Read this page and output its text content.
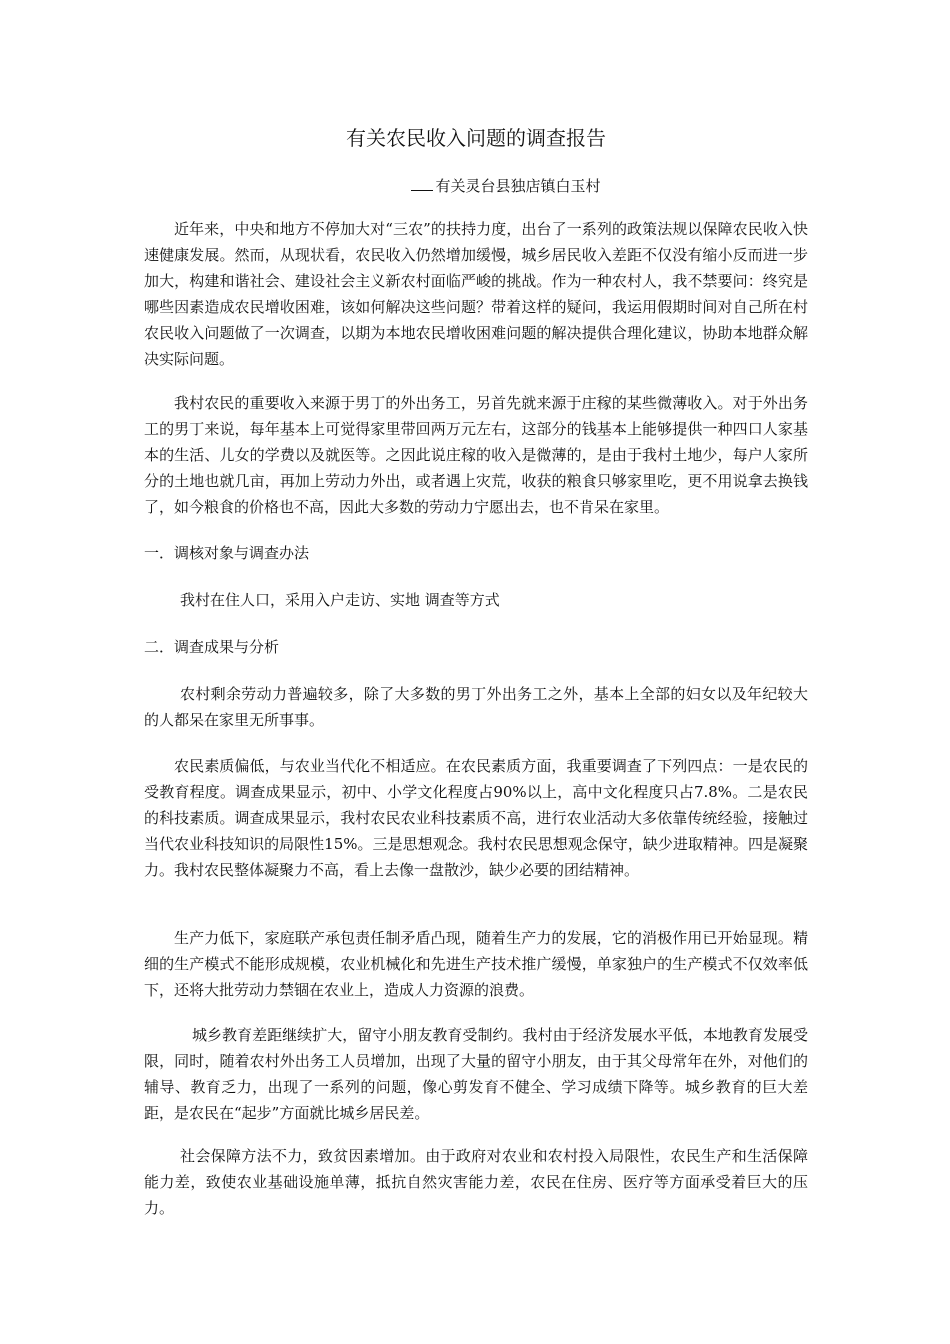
有关农民收入问题的调查报告
有关灵台县独店镇白玉村

近年来，中央和地方不停加大对“三农”的扶持力度，出台了一系列的政策法规以保障农民收入快速健康发展。然而，从现状看，农民收入仍然增加缓慢，城乡居民收入差距不仅没有缩小反而进一步加大，构建和谐社会、建设社会主义新农村面临严峻的挑战。作为一种农村人，我不禁要问：终究是哪些因素造成农民增收困难，该如何解决这些问题？带着这样的疑问，我运用假期时间对自己所在村农民收入问题做了一次调查，以期为本地农民增收困难问题的解决提供合理化建议，协助本地群众解决实际问题。

我村农民的重要收入来源于男丁的外出务工，另首先就来源于庄稼的某些微薄收入。对于外出务工的男丁来说，每年基本上可觉得家里带回两万元左右，这部分的钱基本上能够提供一种四口人家基本的生活、儿女的学费以及就医等。之因此说庄稼的收入是微薄的，是由于我村土地少，每户人家所分的土地也就几亩，再加上劳动力外出，或者遇上灾荒，收获的粮食只够家里吃，更不用说拿去换钱了，如今粮食的价格也不高，因此大多数的劳动力宁愿出去，也不肯呆在家里。

一．调核对象与调查办法

我村在住人口，采用入户走访、实地 调查等方式

二．调查成果与分析

农村剩余劳动力普遍较多，除了大多数的男丁外出务工之外，基本上全部的妇女以及年纪较大的人都呆在家里无所事事。

农民素质偏低，与农业当代化不相适应。在农民素质方面，我重要调查了下列四点：一是农民的受教育程度。调查成果显示，初中、小学文化程度占90%以上，高中文化程度只占7.8%。二是农民的科技素质。调查成果显示，我村农民农业科技素质不高，进行农业活动大多依靠传统经验，接触过当代农业科技知识的局限性15%。三是思想观念。我村农民思想观念保守，缺少进取精神。四是凝聚力。我村农民整体凝聚力不高，看上去像一盘散沙，缺少必要的团结精神。

生产力低下，家庭联产承包责任制矛盾凸现，随着生产力的发展，它的消极作用已开始显现。精细的生产模式不能形成规模，农业机械化和先进生产技术推广缓慢，单家独户的生产模式不仅效率低下，还将大批劳动力禁锢在农业上，造成人力资源的浪费。

城乡教育差距继续扩大，留守小朋友教育受制约。我村由于经济发展水平低，本地教育发展受限，同时，随着农村外出务工人员增加，出现了大量的留守小朋友，由于其父母常年在外，对他们的辅导、教育乏力，出现了一系列的问题，像心剪发育不健全、学习成绩下降等。城乡教育的巨大差距，是农民在“起步”方面就比城乡居民差。

社会保障方法不力，致贫因素增加。由于政府对农业和农村投入局限性，农民生产和生活保障能力差，致使农业基础设施单薄，抵抗自然灾害能力差，农民在住房、医疗等方面承受着巨大的压力。
